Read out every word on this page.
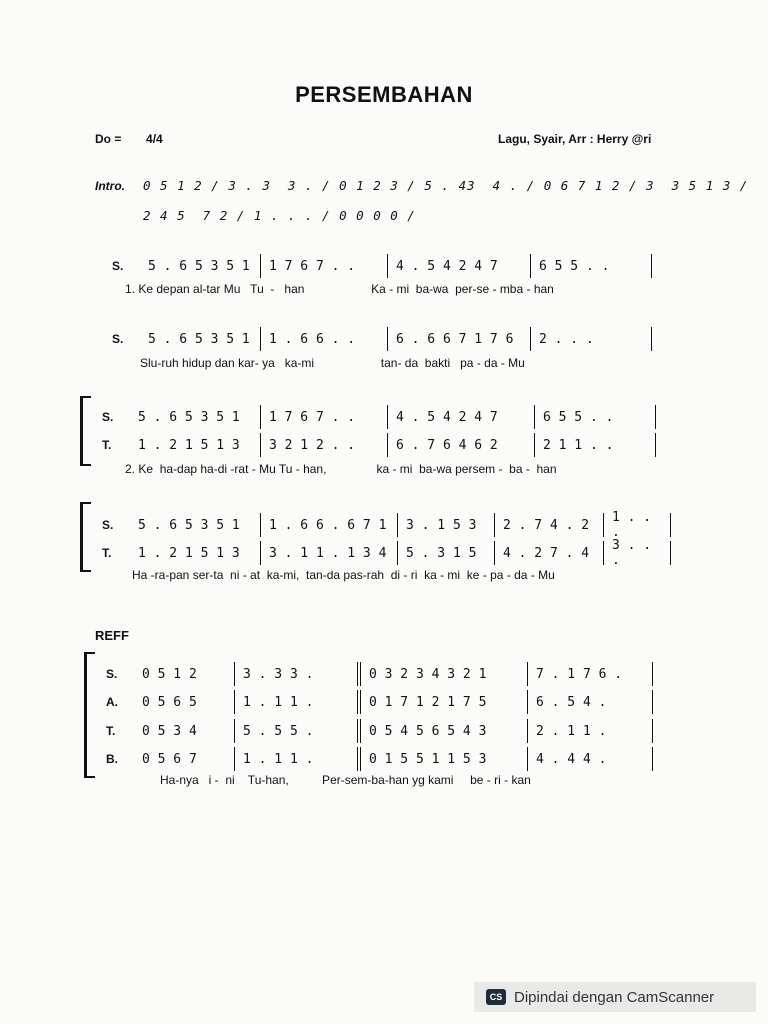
PERSEMBAHAN
Do = 4/4	Lagu, Syair, Arr : Herry @ri
Intro. 0 5 1 2 / 3 . 3  3 . / 0 1 2 3 / 5 . 43  4 . / 0 6 7 1 2 / 3  3 5 1 3 /
2 4 5  7 2 / 1 . . . / 0 0 0 0 /
S.	5 . 6 5 3 5 1	1 7 6 7 . .	4 . 5 4 2 4 7	6 5 5 . .
1. Ke depan al-tar Mu   Tu  -   han                    Ka - mi  ba-wa  per-se - mba - han
S.	5 . 6 5 3 5 1	1 . 6 6 . .	6 . 6 6 7 1 7 6	2 . . .
Slu-ruh hidup dan kar- ya   ka-mi                    tan- da  bakti   pa - da - Mu
S.	5 . 6 5 3 5 1	1 7 6 7 . .	4 . 5 4 2 4 7	6 5 5 . .
T.	1 . 2 1 5 1 3	3 2 1 2 . .	6 . 7 6 4 6 2	2 1 1 . .
2. Ke  ha-dap ha-di -rat - Mu Tu - han,               ka - mi  ba-wa persem -  ba -  han
S.	5 . 6 5 3 5 1	1 . 6 6 . 6 7 1	3 . 1 5 3	2 . 7 4 . 2	1 . . .
T.	1 . 2 1 5 1 3	3 . 1 1 . 1 3 4	5 . 3 1 5	4 . 2 7 . 4	3 . . .
Ha -ra-pan ser-ta  ni - at  ka-mi,  tan-da pas-rah  di - ri  ka - mi  ke - pa - da - Mu
REFF
S.	0 5 1 2	3 . 3 3 .	0 3 2 3 4 3 2 1	7 . 1 7 6 .
A.	0 5 6 5	1 . 1 1 .	0 1 7 1 2 1 7 5	6 . 5 4 .
T.	0 5 3 4	5 . 5 5 .	0 5 4 5 6 5 4 3	2 . 1 1 .
B.	0 5 6 7	1 . 1 1 .	0 1 5 5 1 1 5 3	4 . 4 4 .
Ha-nya   i -  ni    Tu-han,          Per-sem-ba-han yg kami     be - ri - kan
CS Dipindai dengan CamScanner
